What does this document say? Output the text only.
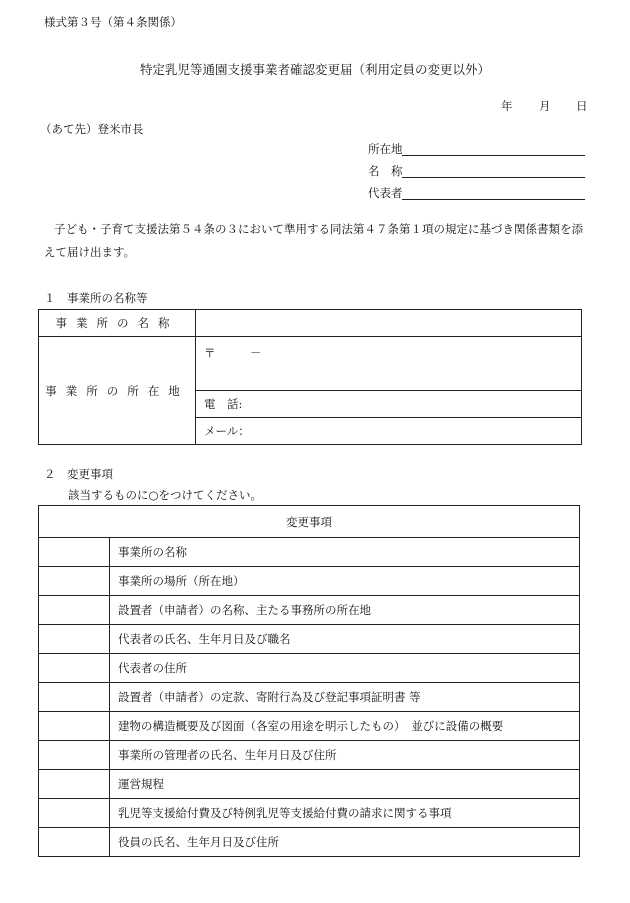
様式第３号（第４条関係）
特定乳児等通園支援事業者確認変更届（利用定員の変更以外）
年 月 日
（あて先）登米市長
所在地
名　称
代表者
子ども・子育て支援法第５４条の３において準用する同法第４７条第１項の規定に基づき関係書類を添えて届け出ます。
１　事業所の名称等
事業所の名称	
事業所の所在地	〒　　　－
	電　話:
	メール：
２　変更事項
該当するものに○をつけてください。
変更事項	
	事業所の名称
	事業所の場所（所在地）
	設置者（申請者）の名称、主たる事務所の所在地
	代表者の氏名、生年月日及び職名
	代表者の住所
	設置者（申請者）の定款、寄附行為及び登記事項証明書 等
	建物の構造概要及び図面（各室の用途を明示したもの）　並びに設備の概要
	事業所の管理者の氏名、生年月日及び住所
	運営規程
	乳児等支援給付費及び特例乳児等支援給付費の請求に関する事項
	役員の氏名、生年月日及び住所
